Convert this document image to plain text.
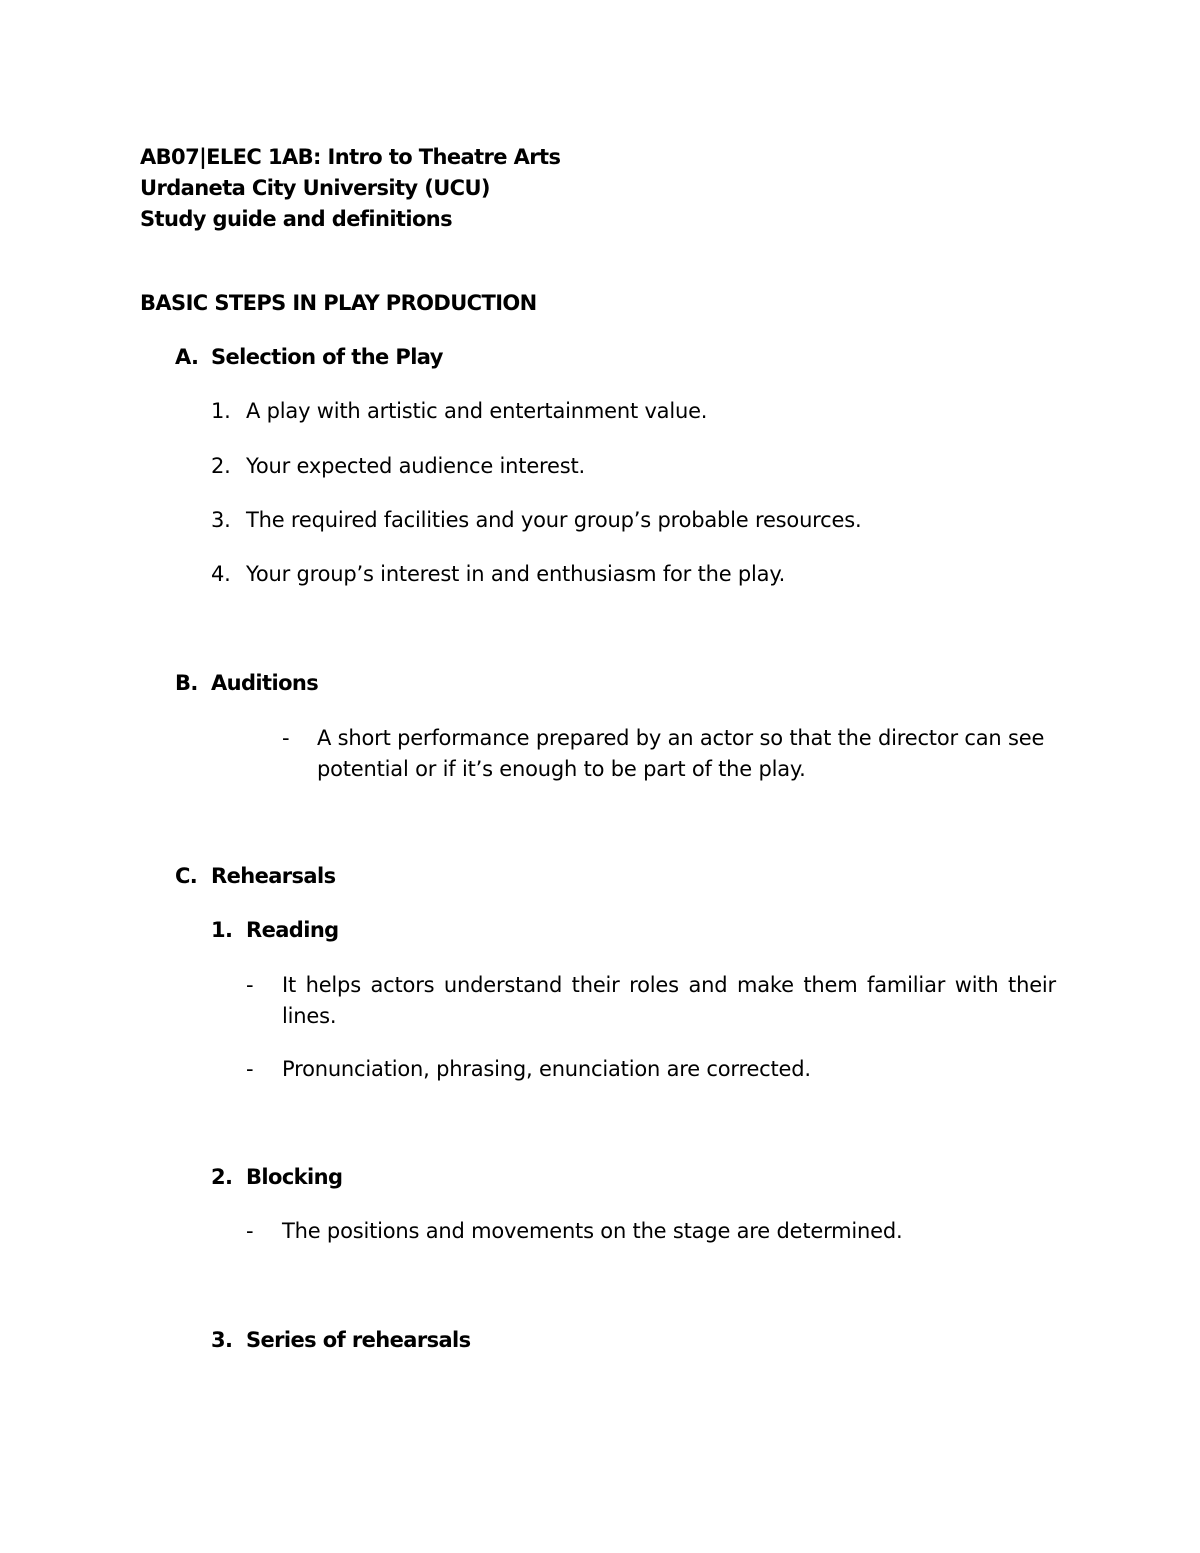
AB07|ELEC 1AB: Intro to Theatre Arts
Urdaneta City University (UCU)
Study guide and definitions
BASIC STEPS IN PLAY PRODUCTION
A. Selection of the Play
1. A play with artistic and entertainment value.
2. Your expected audience interest.
3. The required facilities and your group’s probable resources.
4. Your group’s interest in and enthusiasm for the play.
B. Auditions
- A short performance prepared by an actor so that the director can see potential or if it’s enough to be part of the play.
C. Rehearsals
1. Reading
- It helps actors understand their roles and make them familiar with their lines.
- Pronunciation, phrasing, enunciation are corrected.
2. Blocking
- The positions and movements on the stage are determined.
3. Series of rehearsals
